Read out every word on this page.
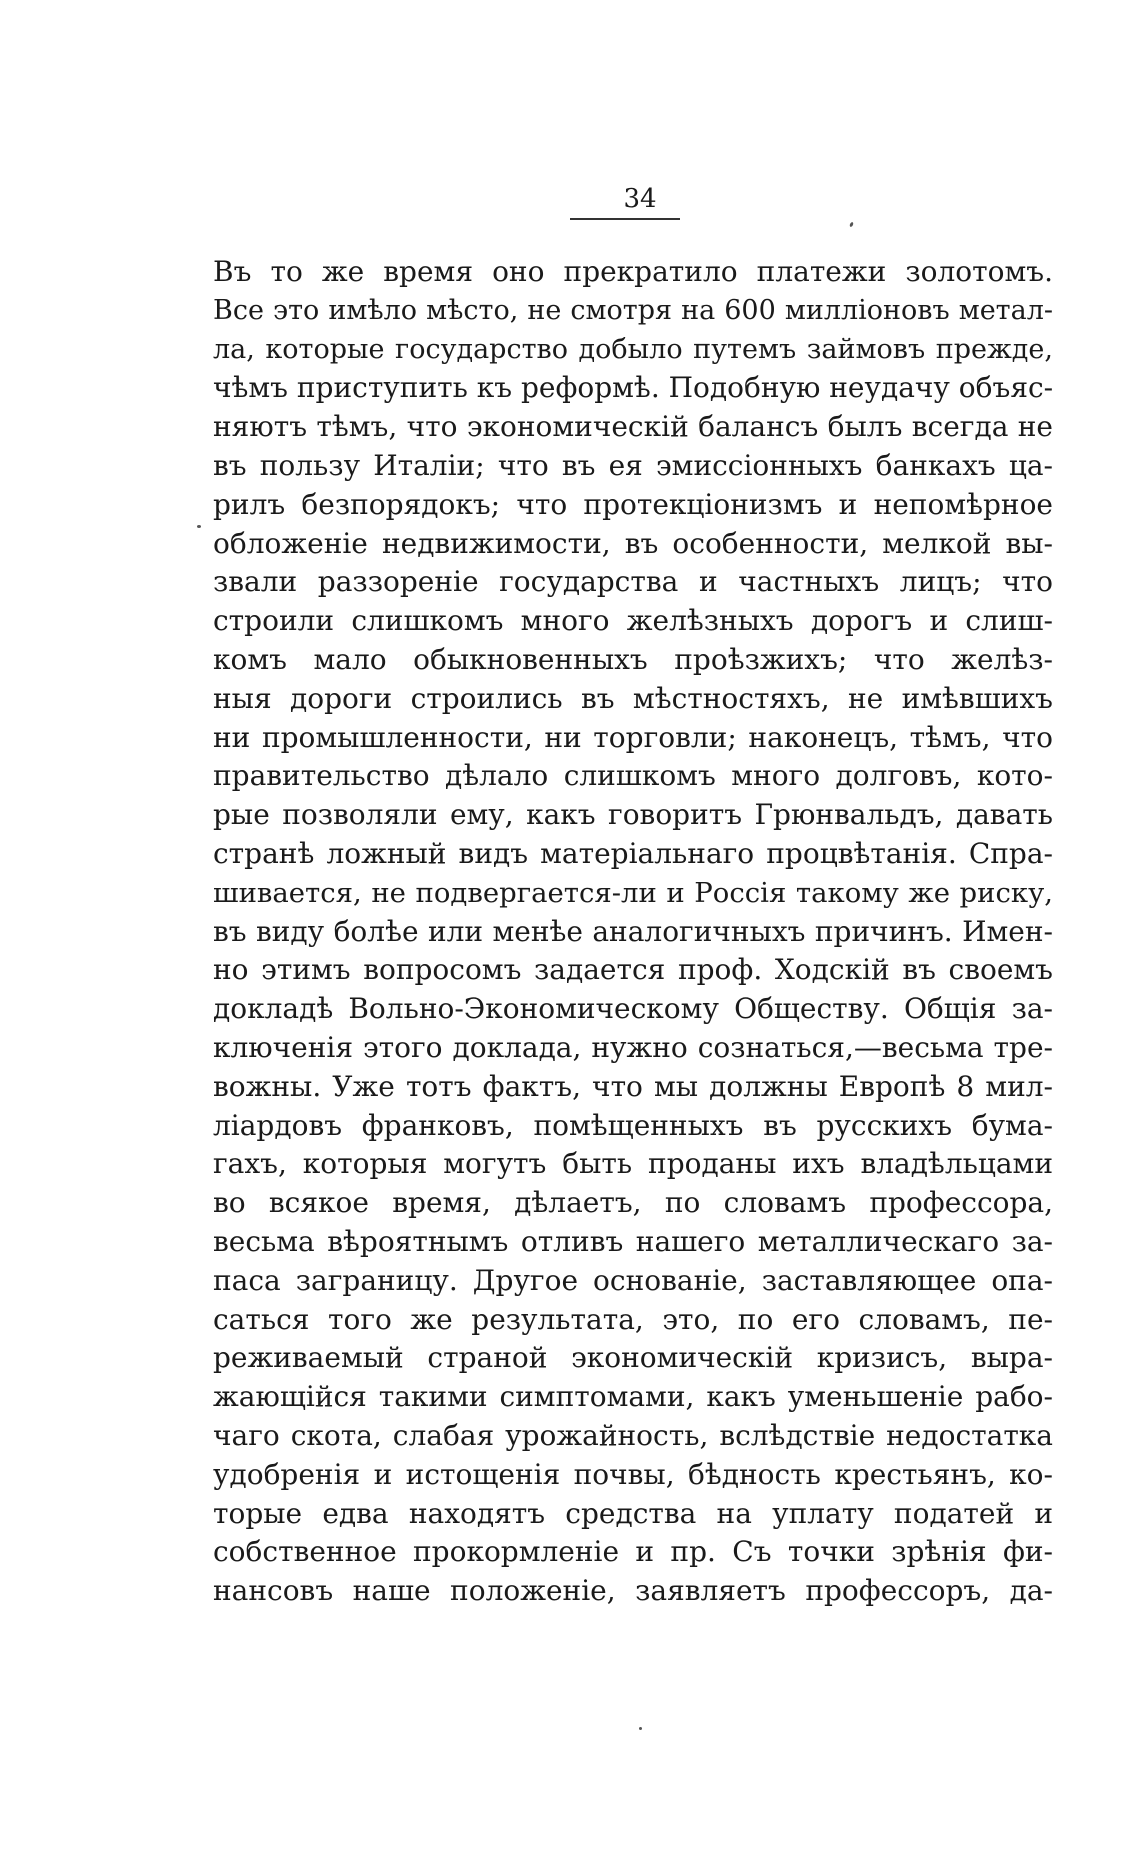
34
Въ то же время оно прекратило платежи золотомъ.
Все это имѣло мѣсто, не смотря на 600 милліоновъ метал-
ла, которые государство добыло путемъ займовъ прежде,
чѣмъ приступить къ реформѣ. Подобную неудачу объяс-
няютъ тѣмъ, что экономическій балансъ былъ всегда не
въ пользу Италіи; что въ ея эмиссіонныхъ банкахъ ца-
рилъ безпорядокъ; что протекціонизмъ и непомѣрное
обложеніе недвижимости, въ особенности, мелкой вы-
звали раззореніе государства и частныхъ лицъ; что
строили слишкомъ много желѣзныхъ дорогъ и слиш-
комъ мало обыкновенныхъ проѣзжихъ; что желѣз-
ныя дороги строились въ мѣстностяхъ, не имѣвшихъ
ни промышленности, ни торговли; наконецъ, тѣмъ, что
правительство дѣлало слишкомъ много долговъ, кото-
рые позволяли ему, какъ говоритъ Грюнвальдъ, давать
странѣ ложный видъ матеріальнаго процвѣтанія. Спра-
шивается, не подвергается-ли и Россія такому же риску,
въ виду болѣе или менѣе аналогичныхъ причинъ. Имен-
но этимъ вопросомъ задается проф. Ходскій въ своемъ
докладѣ Вольно-Экономическому Обществу. Общія за-
ключенія этого доклада, нужно сознаться,—весьма тре-
вожны. Уже тотъ фактъ, что мы должны Европѣ 8 мил-
ліардовъ франковъ, помѣщенныхъ въ русскихъ бума-
гахъ, которыя могутъ быть проданы ихъ владѣльцами
во всякое время, дѣлаетъ, по словамъ профессора,
весьма вѣроятнымъ отливъ нашего металлическаго за-
паса заграницу. Другое основаніе, заставляющее опа-
саться того же результата, это, по его словамъ, пе-
реживаемый страной экономическій кризисъ, выра-
жающійся такими симптомами, какъ уменьшеніе рабо-
чаго скота, слабая урожайность, вслѣдствіе недостатка
удобренія и истощенія почвы, бѣдность крестьянъ, ко-
торые едва находятъ средства на уплату податей и
собственное прокормленіе и пр. Съ точки зрѣнія фи-
нансовъ наше положеніе, заявляетъ профессоръ, да-
